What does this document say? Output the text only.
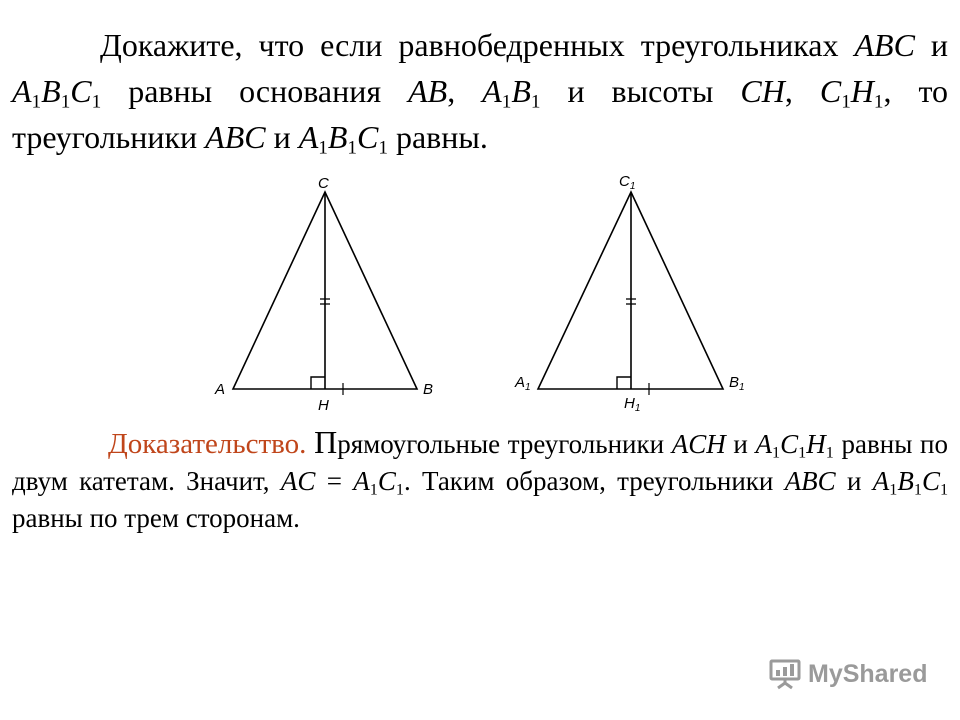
Докажите, что если равнобедренных треугольниках ABC и $A_1B_1C_1$ равны основания AB, $A_1B_1$ и высоты CH, $C_1H_1$, то треугольники ABC и $A_1B_1C_1$ равны.
C
A	B
H
$C_1$
$A_1$	$B_1$
$H_1$
Доказательство. Прямоугольные треугольники ACH и $A_1C_1H_1$ равны по двум катетам. Значит, AC = $A_1C_1$. Таким образом, треугольники ABC и $A_1B_1C_1$ равны по трем сторонам.
MyShared
